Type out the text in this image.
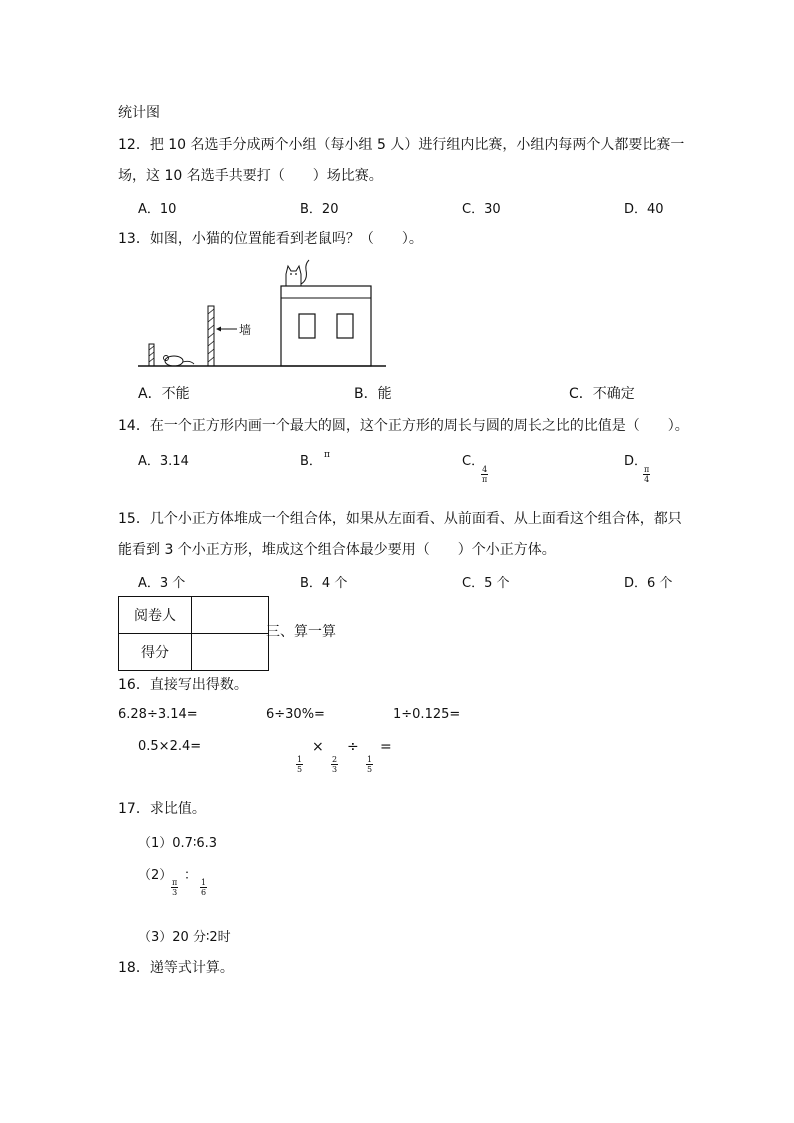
统计图
12．把 10 名选手分成两个小组（每小组 5 人）进行组内比赛，小组内每两个人都要比赛一
场，这 10 名选手共要打（　　）场比赛。
A．10	B．20	C．30	D．40
13．如图，小猫的位置能看到老鼠吗？（　　）。
墙
A．不能	B．能	C．不确定
14．在一个正方形内画一个最大的圆，这个正方形的周长与圆的周长之比的比值是（　　）。
A．3.14	B． π	C．
$\frac{4}{\pi}$
D．
$\frac{\pi}{4}$
15．几个小正方体堆成一个组合体，如果从左面看、从前面看、从上面看这个组合体，都只
能看到 3 个小正方形，堆成这个组合体最少要用（　　）个小正方体。
A．3 个	B．4 个	C．5 个	D．6 个
阅卷人	
得分	
三、算一算
16．直接写出得数。
6.28÷3.14=	6÷30%=	1÷0.125=
0.5×2.4=
$\frac{1}{5}$
×
$\frac{2}{3}$
÷
$\frac{1}{5}$
=
17．求比值。
（1）0.7∶6.3
（2）
$\frac{\pi}{3}$
：
$\frac{1}{6}$
（3）20 分∶2时
18．递等式计算。
